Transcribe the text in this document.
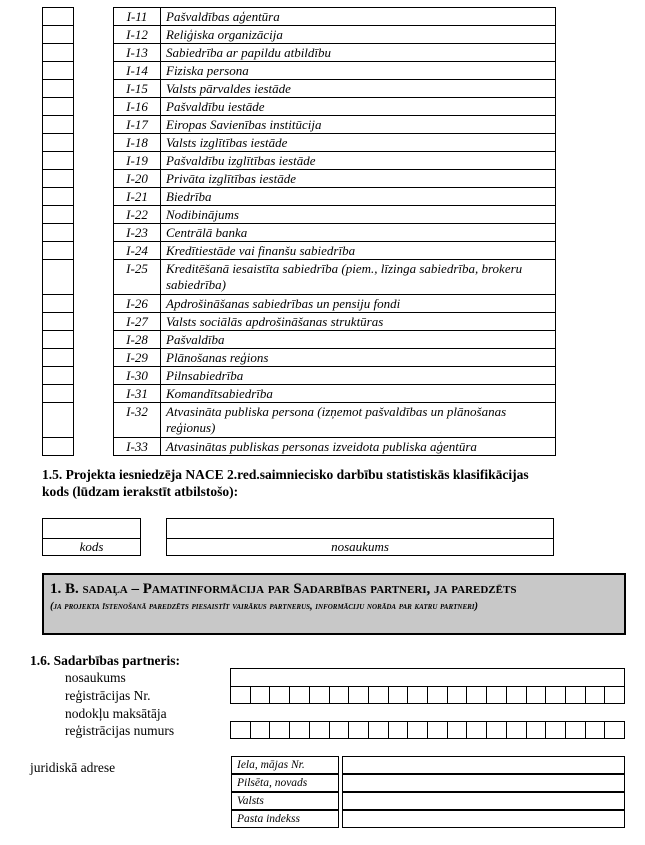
I-11	Pašvaldības aģentūra
I-12	Reliģiska organizācija
I-13	Sabiedrība ar papildu atbildību
I-14	Fiziska persona
I-15	Valsts pārvaldes iestāde
I-16	Pašvaldību iestāde
I-17	Eiropas Savienības institūcija
I-18	Valsts izglītības iestāde
I-19	Pašvaldību izglītības iestāde
I-20	Privāta izglītības iestāde
I-21	Biedrība
I-22	Nodibinājums
I-23	Centrālā banka
I-24	Kredītiestāde vai finanšu sabiedrība
I-25	Kreditēšanā iesaistīta sabiedrība (piem., līzinga sabiedrība, brokeru sabiedrība)
I-26	Apdrošināšanas sabiedrības un pensiju fondi
I-27	Valsts sociālās apdrošināšanas struktūras
I-28	Pašvaldība
I-29	Plānošanas reģions
I-30	Pilnsabiedrība
I-31	Komandītsabiedrība
I-32	Atvasināta publiska persona (izņemot pašvaldības un plānošanas reģionus)
I-33	Atvasinātas publiskas personas izveidota publiska aģentūra
1.5. Projekta iesniedzēja NACE 2.red.saimniecisko darbību statistiskās klasifikācijas
kods (lūdzam ierakstīt atbilstošo):
kods	nosaukums
1. B. sadaļa – Pamatinformācija par Sadarbības partneri, ja paredzēts
(ja projekta īstenošanā paredzēts piesaistīt vairākus partnerus, informāciju norāda par katru partneri)
1.6. Sadarbības partneris:
nosaukums
reģistrācijas Nr.
nodokļu maksātāja
reģistrācijas numurs
juridiskā adrese	Iela, mājas Nr.
Pilsēta, novads
Valsts
Pasta indekss
